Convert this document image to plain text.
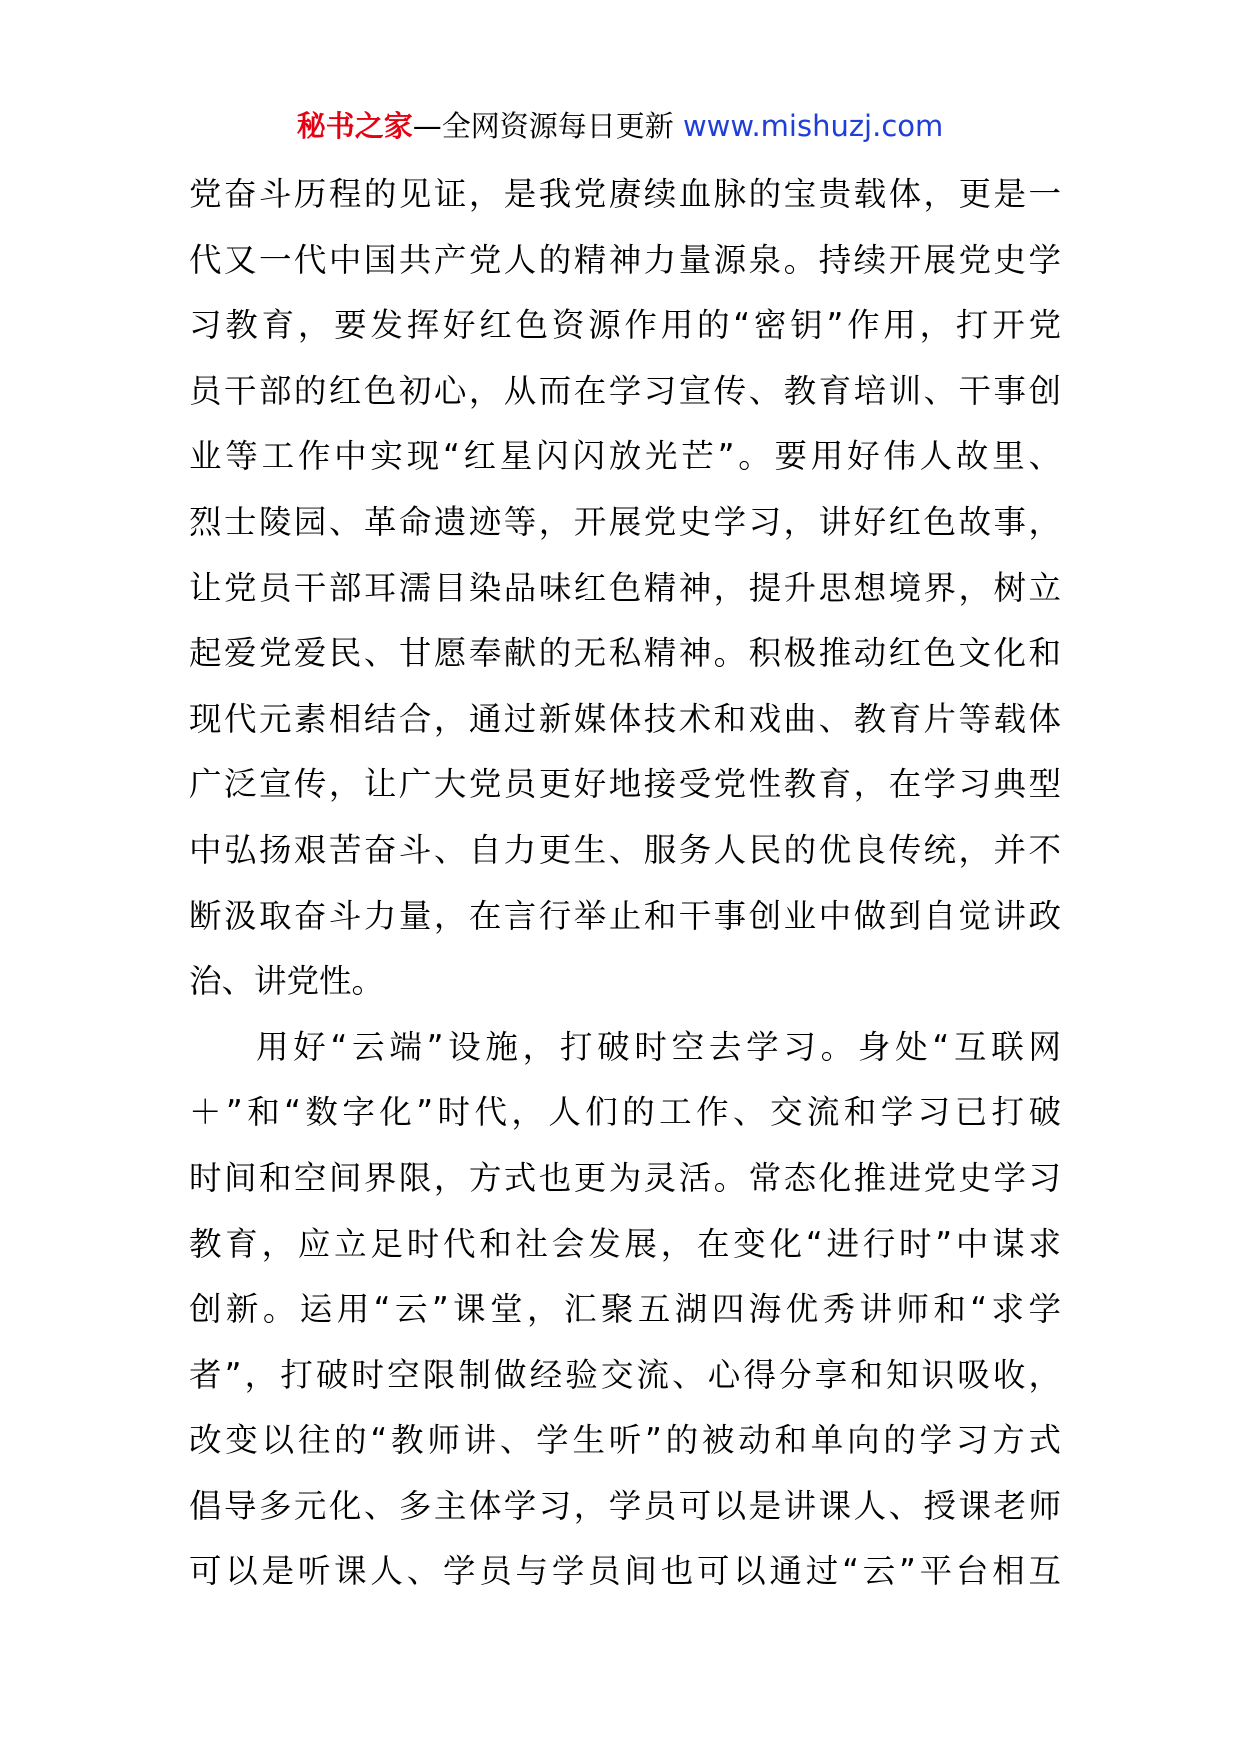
秘书之家—全网资源每日更新 www.mishuzj.com
党奋斗历程的见证，是我党赓续血脉的宝贵载体，更是一
代又一代中国共产党人的精神力量源泉。持续开展党史学
习教育，要发挥好红色资源作用的“密钥”作用，打开党
员干部的红色初心，从而在学习宣传、教育培训、干事创
业等工作中实现“红星闪闪放光芒”。要用好伟人故里、
烈士陵园、革命遗迹等，开展党史学习，讲好红色故事，
让党员干部耳濡目染品味红色精神，提升思想境界，树立
起爱党爱民、甘愿奉献的无私精神。积极推动红色文化和
现代元素相结合，通过新媒体技术和戏曲、教育片等载体
广泛宣传，让广大党员更好地接受党性教育，在学习典型
中弘扬艰苦奋斗、自力更生、服务人民的优良传统，并不
断汲取奋斗力量，在言行举止和干事创业中做到自觉讲政
治、讲党性。
用好“云端”设施，打破时空去学习。身处“互联网
＋”和“数字化”时代，人们的工作、交流和学习已打破
时间和空间界限，方式也更为灵活。常态化推进党史学习
教育，应立足时代和社会发展，在变化“进行时”中谋求
创新。运用“云”课堂，汇聚五湖四海优秀讲师和“求学
者”，打破时空限制做经验交流、心得分享和知识吸收，
改变以往的“教师讲、学生听”的被动和单向的学习方式
倡导多元化、多主体学习，学员可以是讲课人、授课老师
可以是听课人、学员与学员间也可以通过“云”平台相互
